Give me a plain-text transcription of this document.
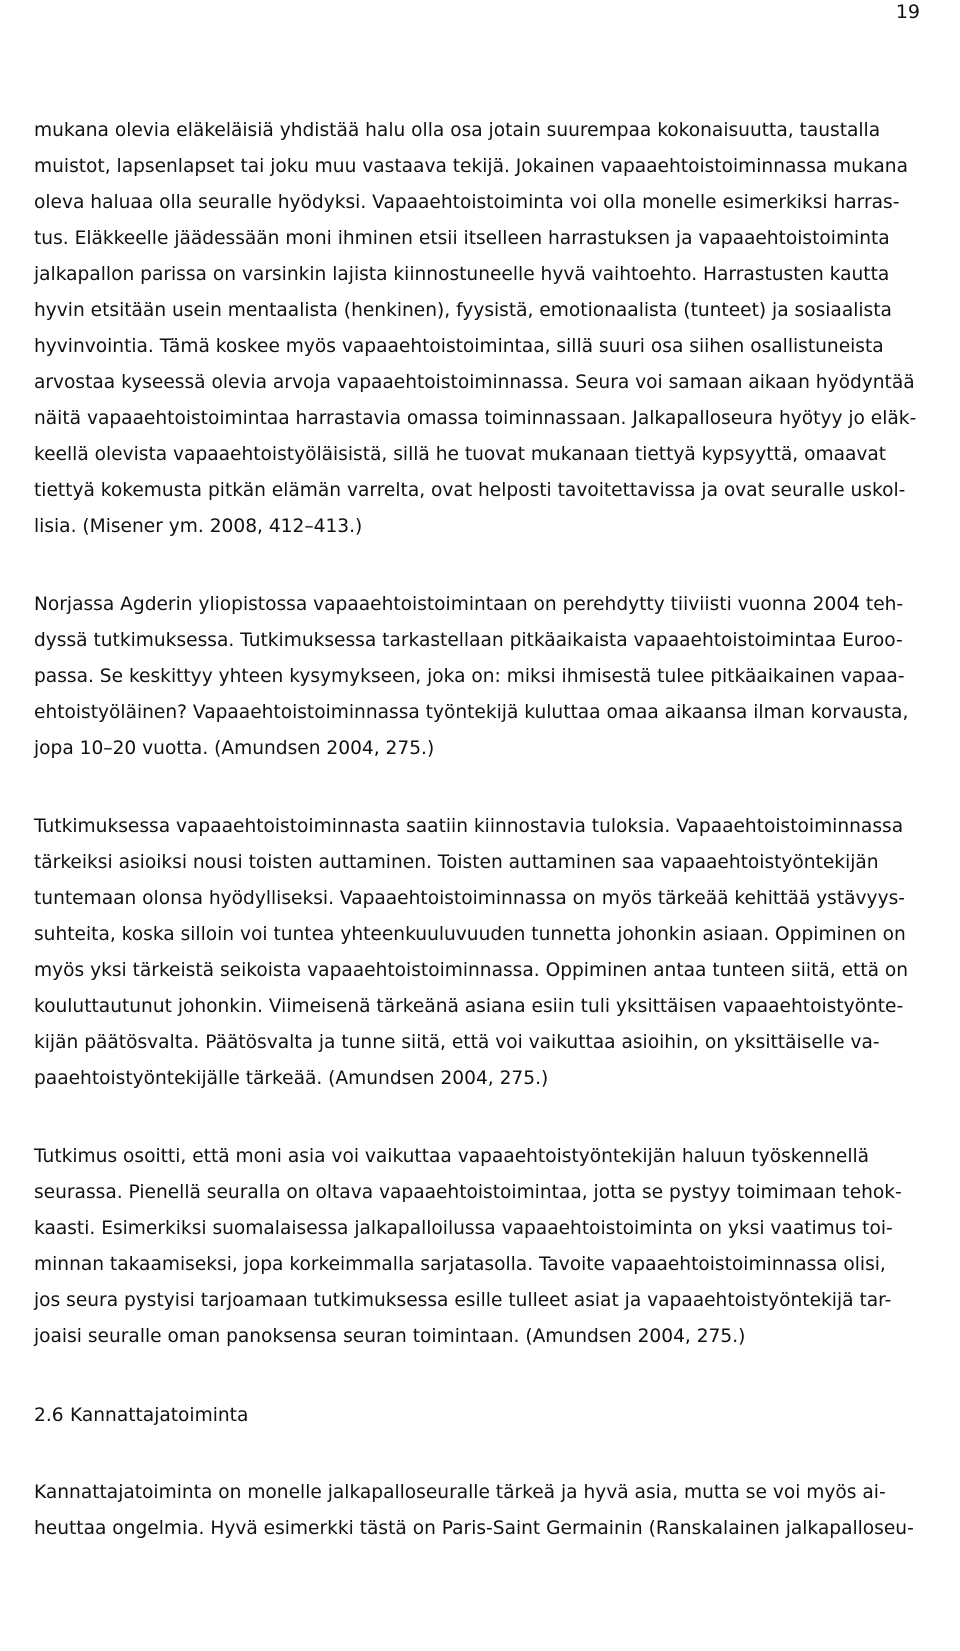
19
mukana olevia eläkeläisiä yhdistää halu olla osa jotain suurempaa kokonaisuutta, taustalla
muistot, lapsenlapset tai joku muu vastaava tekijä. Jokainen vapaaehtoistoiminnassa mukana
oleva haluaa olla seuralle hyödyksi. Vapaaehtoistoiminta voi olla monelle esimerkiksi harras-
tus. Eläkkeelle jäädessään moni ihminen etsii itselleen harrastuksen ja vapaaehtoistoiminta
jalkapallon parissa on varsinkin lajista kiinnostuneelle hyvä vaihtoehto. Harrastusten kautta
hyvin etsitään usein mentaalista (henkinen), fyysistä, emotionaalista (tunteet) ja sosiaalista
hyvinvointia. Tämä koskee myös vapaaehtoistoimintaa, sillä suuri osa siihen osallistuneista
arvostaa kyseessä olevia arvoja vapaaehtoistoiminnassa. Seura voi samaan aikaan hyödyntää
näitä vapaaehtoistoimintaa harrastavia omassa toiminnassaan. Jalkapalloseura hyötyy jo eläk-
keellä olevista vapaaehtoistyöläisistä, sillä he tuovat mukanaan tiettyä kypsyyttä, omaavat
tiettyä kokemusta pitkän elämän varrelta, ovat helposti tavoitettavissa ja ovat seuralle uskol-
lisia. (Misener ym. 2008, 412–413.)
Norjassa Agderin yliopistossa vapaaehtoistoimintaan on perehdytty tiiviisti vuonna 2004 teh-
dyssä tutkimuksessa. Tutkimuksessa tarkastellaan pitkäaikaista vapaaehtoistoimintaa Euroo-
passa. Se keskittyy yhteen kysymykseen, joka on: miksi ihmisestä tulee pitkäaikainen vapaa-
ehtoistyöläinen? Vapaaehtoistoiminnassa työntekijä kuluttaa omaa aikaansa ilman korvausta,
jopa 10–20 vuotta. (Amundsen 2004, 275.)
Tutkimuksessa vapaaehtoistoiminnasta saatiin kiinnostavia tuloksia. Vapaaehtoistoiminnassa
tärkeiksi asioiksi nousi toisten auttaminen. Toisten auttaminen saa vapaaehtoistyöntekijän
tuntemaan olonsa hyödylliseksi. Vapaaehtoistoiminnassa on myös tärkeää kehittää ystävyys-
suhteita, koska silloin voi tuntea yhteenkuuluvuuden tunnetta johonkin asiaan. Oppiminen on
myös yksi tärkeistä seikoista vapaaehtoistoiminnassa. Oppiminen antaa tunteen siitä, että on
kouluttautunut johonkin. Viimeisenä tärkeänä asiana esiin tuli yksittäisen vapaaehtoistyönte-
kijän päätösvalta. Päätösvalta ja tunne siitä, että voi vaikuttaa asioihin, on yksittäiselle va-
paaehtoistyöntekijälle tärkeää. (Amundsen 2004, 275.)
Tutkimus osoitti, että moni asia voi vaikuttaa vapaaehtoistyöntekijän haluun työskennellä
seurassa. Pienellä seuralla on oltava vapaaehtoistoimintaa, jotta se pystyy toimimaan tehok-
kaasti. Esimerkiksi suomalaisessa jalkapalloilussa vapaaehtoistoiminta on yksi vaatimus toi-
minnan takaamiseksi, jopa korkeimmalla sarjatasolla. Tavoite vapaaehtoistoiminnassa olisi,
jos seura pystyisi tarjoamaan tutkimuksessa esille tulleet asiat ja vapaaehtoistyöntekijä tar-
joaisi seuralle oman panoksensa seuran toimintaan. (Amundsen 2004, 275.)
2.6 Kannattajatoiminta
Kannattajatoiminta on monelle jalkapalloseuralle tärkeä ja hyvä asia, mutta se voi myös ai-
heuttaa ongelmia. Hyvä esimerkki tästä on Paris-Saint Germainin (Ranskalainen jalkapalloseu-
